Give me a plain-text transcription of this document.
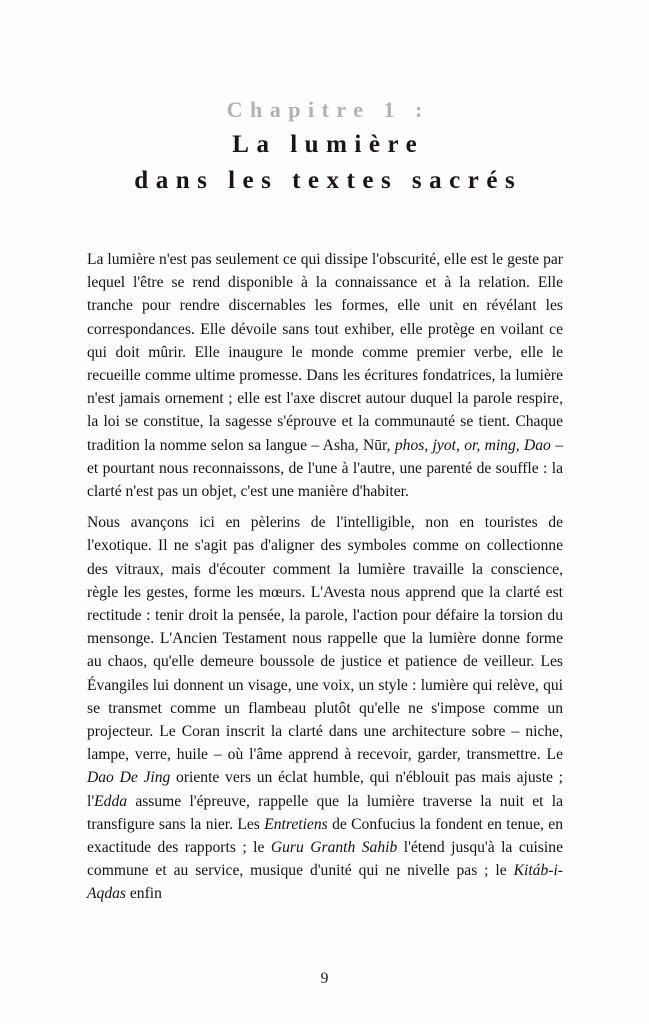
Chapitre 1 :

La lumière

dans les textes sacrés

La lumière n'est pas seulement ce qui dissipe l'obscurité, elle est le geste par lequel l'être se rend disponible à la connaissance et à la relation. Elle tranche pour rendre discernables les formes, elle unit en révélant les correspondances. Elle dévoile sans tout exhiber, elle protège en voilant ce qui doit mûrir. Elle inaugure le monde comme premier verbe, elle le recueille comme ultime promesse. Dans les écritures fondatrices, la lumière n'est jamais ornement ; elle est l'axe discret autour duquel la parole respire, la loi se constitue, la sagesse s'éprouve et la communauté se tient. Chaque tradition la nomme selon sa langue – Asha, Nūr, phos, jyot, or, ming, Dao – et pourtant nous reconnaissons, de l'une à l'autre, une parenté de souffle : la clarté n'est pas un objet, c'est une manière d'habiter.

Nous avançons ici en pèlerins de l'intelligible, non en touristes de l'exotique. Il ne s'agit pas d'aligner des symboles comme on collectionne des vitraux, mais d'écouter comment la lumière travaille la conscience, règle les gestes, forme les mœurs. L'Avesta nous apprend que la clarté est rectitude : tenir droit la pensée, la parole, l'action pour défaire la torsion du mensonge. L'Ancien Testament nous rappelle que la lumière donne forme au chaos, qu'elle demeure boussole de justice et patience de veilleur. Les Évangiles lui donnent un visage, une voix, un style : lumière qui relève, qui se transmet comme un flambeau plutôt qu'elle ne s'impose comme un projecteur. Le Coran inscrit la clarté dans une architecture sobre – niche, lampe, verre, huile – où l'âme apprend à recevoir, garder, transmettre. Le Dao De Jing oriente vers un éclat humble, qui n'éblouit pas mais ajuste ; l'Edda assume l'épreuve, rappelle que la lumière traverse la nuit et la transfigure sans la nier. Les Entretiens de Confucius la fondent en tenue, en exactitude des rapports ; le Guru Granth Sahib l'étend jusqu'à la cuisine commune et au service, musique d'unité qui ne nivelle pas ; le Kitáb-i-Aqdas enfin

9
